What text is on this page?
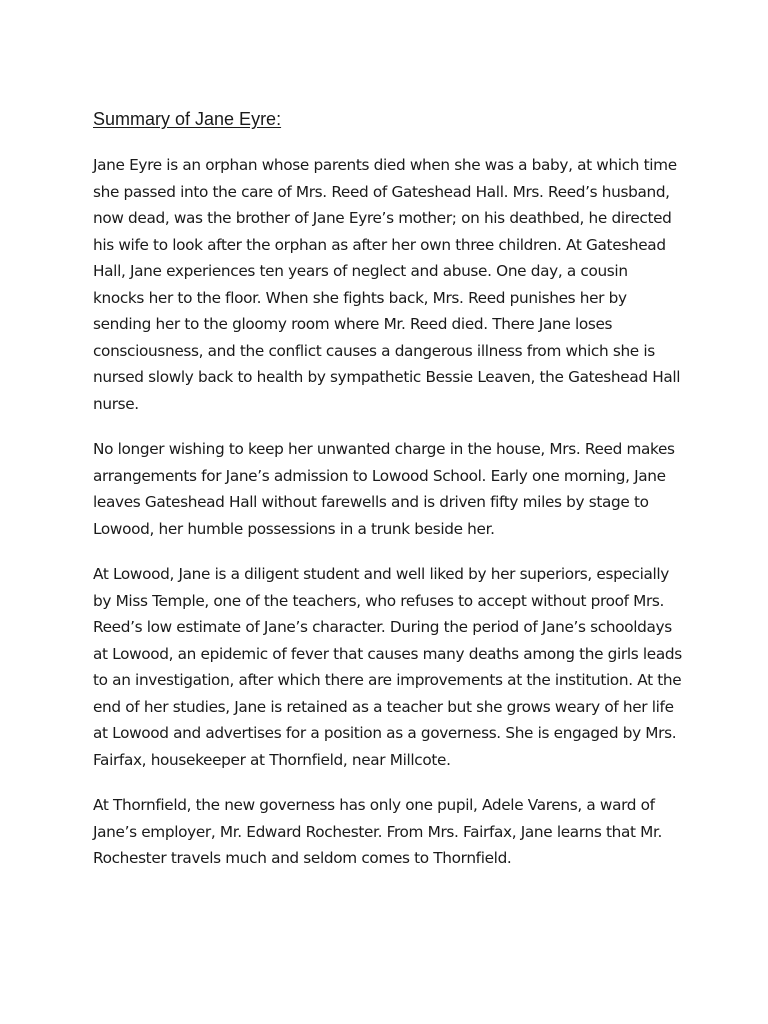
Summary of Jane Eyre:

Jane Eyre is an orphan whose parents died when she was a baby, at which time she passed into the care of Mrs. Reed of Gateshead Hall. Mrs. Reed’s husband, now dead, was the brother of Jane Eyre’s mother; on his deathbed, he directed his wife to look after the orphan as after her own three children. At Gateshead Hall, Jane experiences ten years of neglect and abuse. One day, a cousin knocks her to the floor. When she fights back, Mrs. Reed punishes her by sending her to the gloomy room where Mr. Reed died. There Jane loses consciousness, and the conflict causes a dangerous illness from which she is nursed slowly back to health by sympathetic Bessie Leaven, the Gateshead Hall nurse.

No longer wishing to keep her unwanted charge in the house, Mrs. Reed makes arrangements for Jane’s admission to Lowood School. Early one morning, Jane leaves Gateshead Hall without farewells and is driven fifty miles by stage to Lowood, her humble possessions in a trunk beside her.

At Lowood, Jane is a diligent student and well liked by her superiors, especially by Miss Temple, one of the teachers, who refuses to accept without proof Mrs. Reed’s low estimate of Jane’s character. During the period of Jane’s schooldays at Lowood, an epidemic of fever that causes many deaths among the girls leads to an investigation, after which there are improvements at the institution. At the end of her studies, Jane is retained as a teacher but she grows weary of her life at Lowood and advertises for a position as a governess. She is engaged by Mrs. Fairfax, housekeeper at Thornfield, near Millcote.

At Thornfield, the new governess has only one pupil, Adele Varens, a ward of Jane’s employer, Mr. Edward Rochester. From Mrs. Fairfax, Jane learns that Mr. Rochester travels much and seldom comes to Thornfield.
